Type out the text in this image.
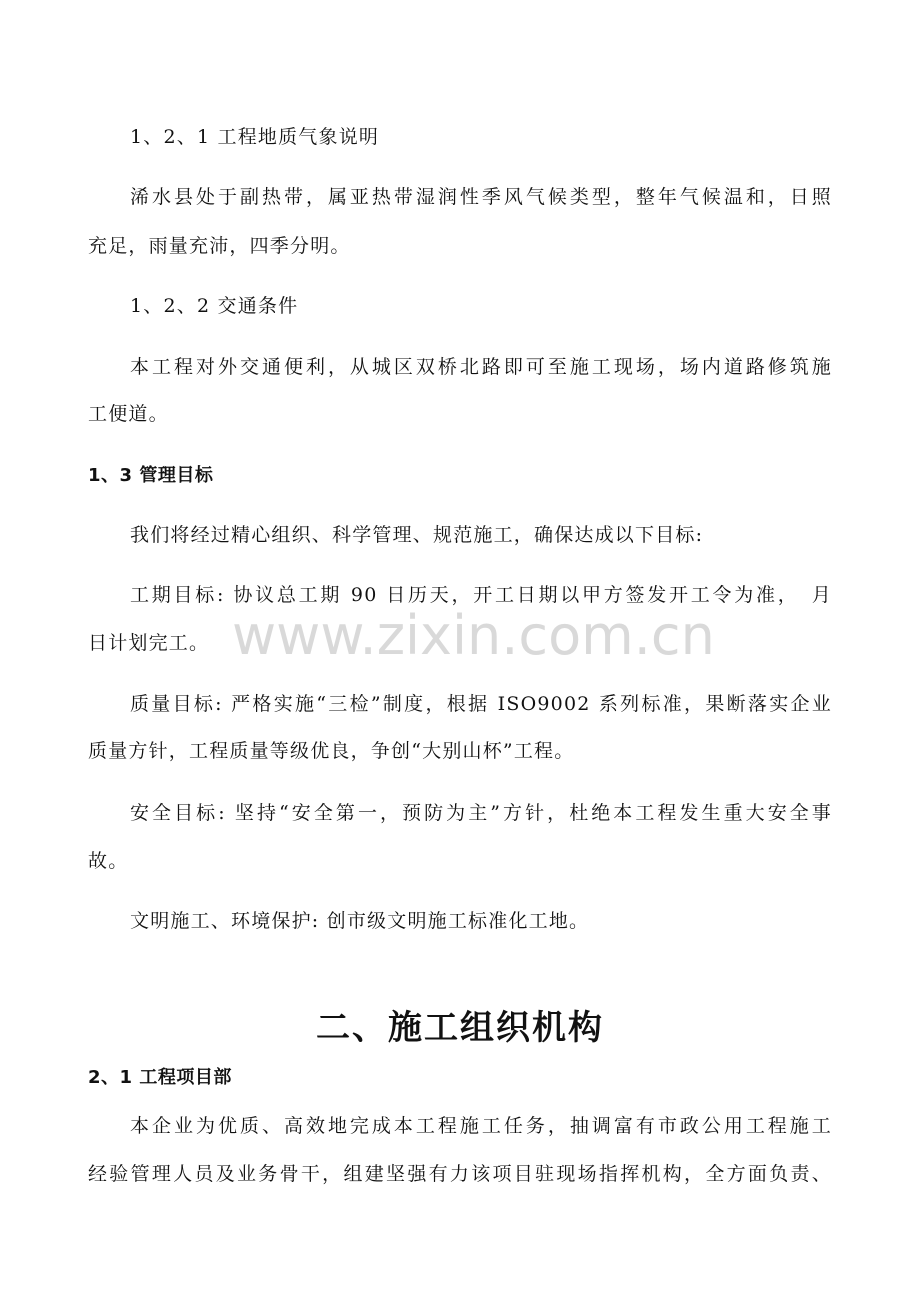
1、2、1 工程地质气象说明
浠水县处于副热带，属亚热带湿润性季风气候类型，整年气候温和，日照
充足，雨量充沛，四季分明。
1、2、2 交通条件
本工程对外交通便利，从城区双桥北路即可至施工现场，场内道路修筑施
工便道。
1、3 管理目标
我们将经过精心组织、科学管理、规范施工，确保达成以下目标:
工期目标: 协议总工期 90 日历天，开工日期以甲方签发开工令为准，　月
日计划完工。
质量目标: 严格实施“三检”制度，根据 ISO9002 系列标准，果断落实企业
质量方针，工程质量等级优良，争创“大别山杯”工程。
安全目标: 坚持“安全第一，预防为主”方针，杜绝本工程发生重大安全事
故。
文明施工、环境保护: 创市级文明施工标准化工地。
二、施工组织机构
2、1 工程项目部
本企业为优质、高效地完成本工程施工任务，抽调富有市政公用工程施工
经验管理人员及业务骨干，组建坚强有力该项目驻现场指挥机构，全方面负责、
www.zixin.com.cn
